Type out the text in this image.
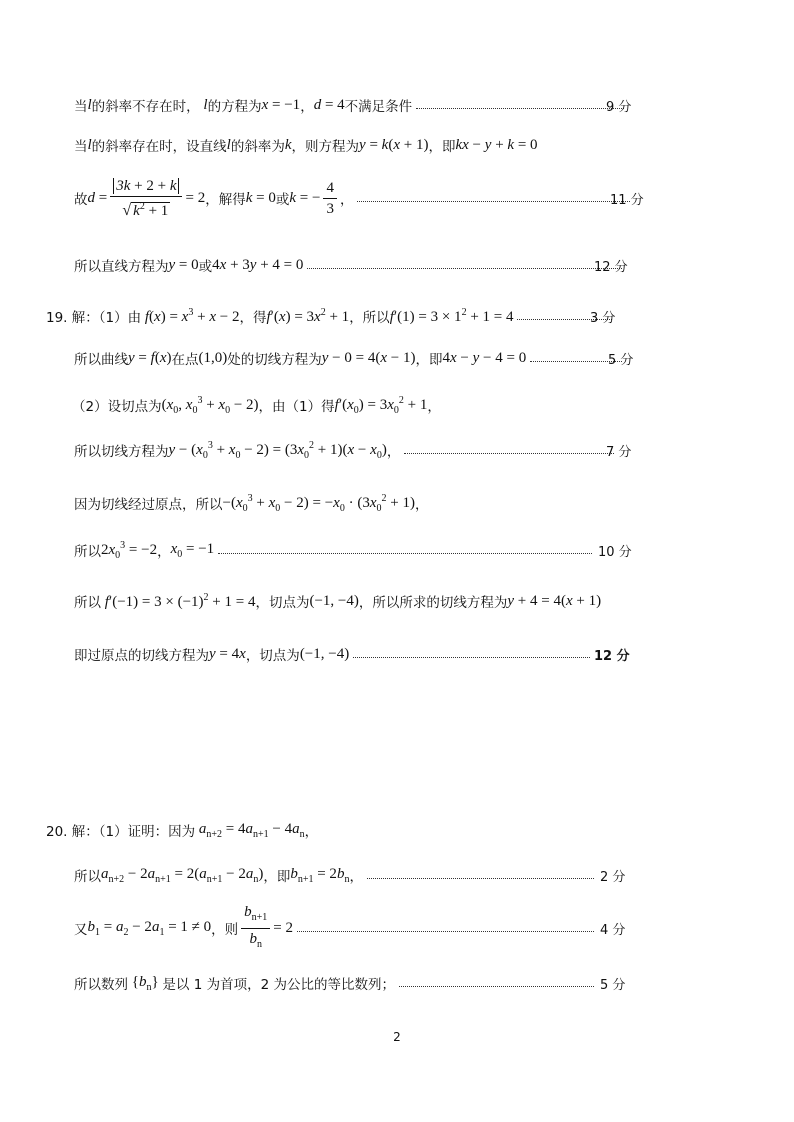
当 l 的斜率不存在时， l 的方程为 x = −1 ， d = 4 不满足条件	9 分
当 l 的斜率存在时，设直线 l 的斜率为 k ，则方程为 y = k(x + 1) ，即 kx − y + k = 0
故 $d = \frac{3k + 2 + k}{√ k^2 + 1} = 2$ ，解得 k = 0 或 k = − $\frac{4}{3}$ ，	11 分
所以直线方程为 y = 0 或 4x + 3y + 4 = 0	12 分
19. 解：（1）由 $f(x) = x^3 + x - 2$ ，得 $f'(x) = 3x^2 + 1$ ，所以 $f'(1) = 3 \times 1^2 + 1 = 4$	3 分
所以曲线 y = f(x) 在点 (1,0) 处的切线方程为 y − 0 = 4(x − 1) ，即 4x − y − 4 = 0	5 分
（2）设切点为 ($x_0$, $x_0^3 + x_0 - 2$) ，由（1）得 $f'(x_0) = 3x_0^2 + 1$ ，
所以切线方程为 $y - (x_0^3 + x_0 - 2) = (3x_0^2 + 1)(x - x_0)$ ，	7 分
因为切线经过原点，所以 $-(x_0^3 + x_0 - 2) = -x_0 \cdot (3x_0^2 + 1)$ ，
所以 $2x_0^3 = -2$ ， $x_0 = -1$	10 分
所以 $f'(-1) = 3 \times (-1)^2 + 1 = 4$ ，切点为 (−1, −4) ，所以所求的切线方程为 y + 4 = 4(x + 1)
即过原点的切线方程为 y = 4x ，切点为 (−1, −4)	12 分
20. 解：（1）证明：因为 $a_{n+2} = 4a_{n+1} - 4a_n$ ，
所以 $a_{n+2} - 2a_{n+1} = 2(a_{n+1} - 2a_n)$ ，即 $b_{n+1} = 2b_n$ ，	2 分
又 $b_1 = a_2 - 2a_1 = 1 \ne 0$ ，则 $\frac{b_{n+1}}{b_n} = 2$	4 分
所以数列 $\{b_n\}$ 是以 1 为首项，2 为公比的等比数列；	5 分
2
